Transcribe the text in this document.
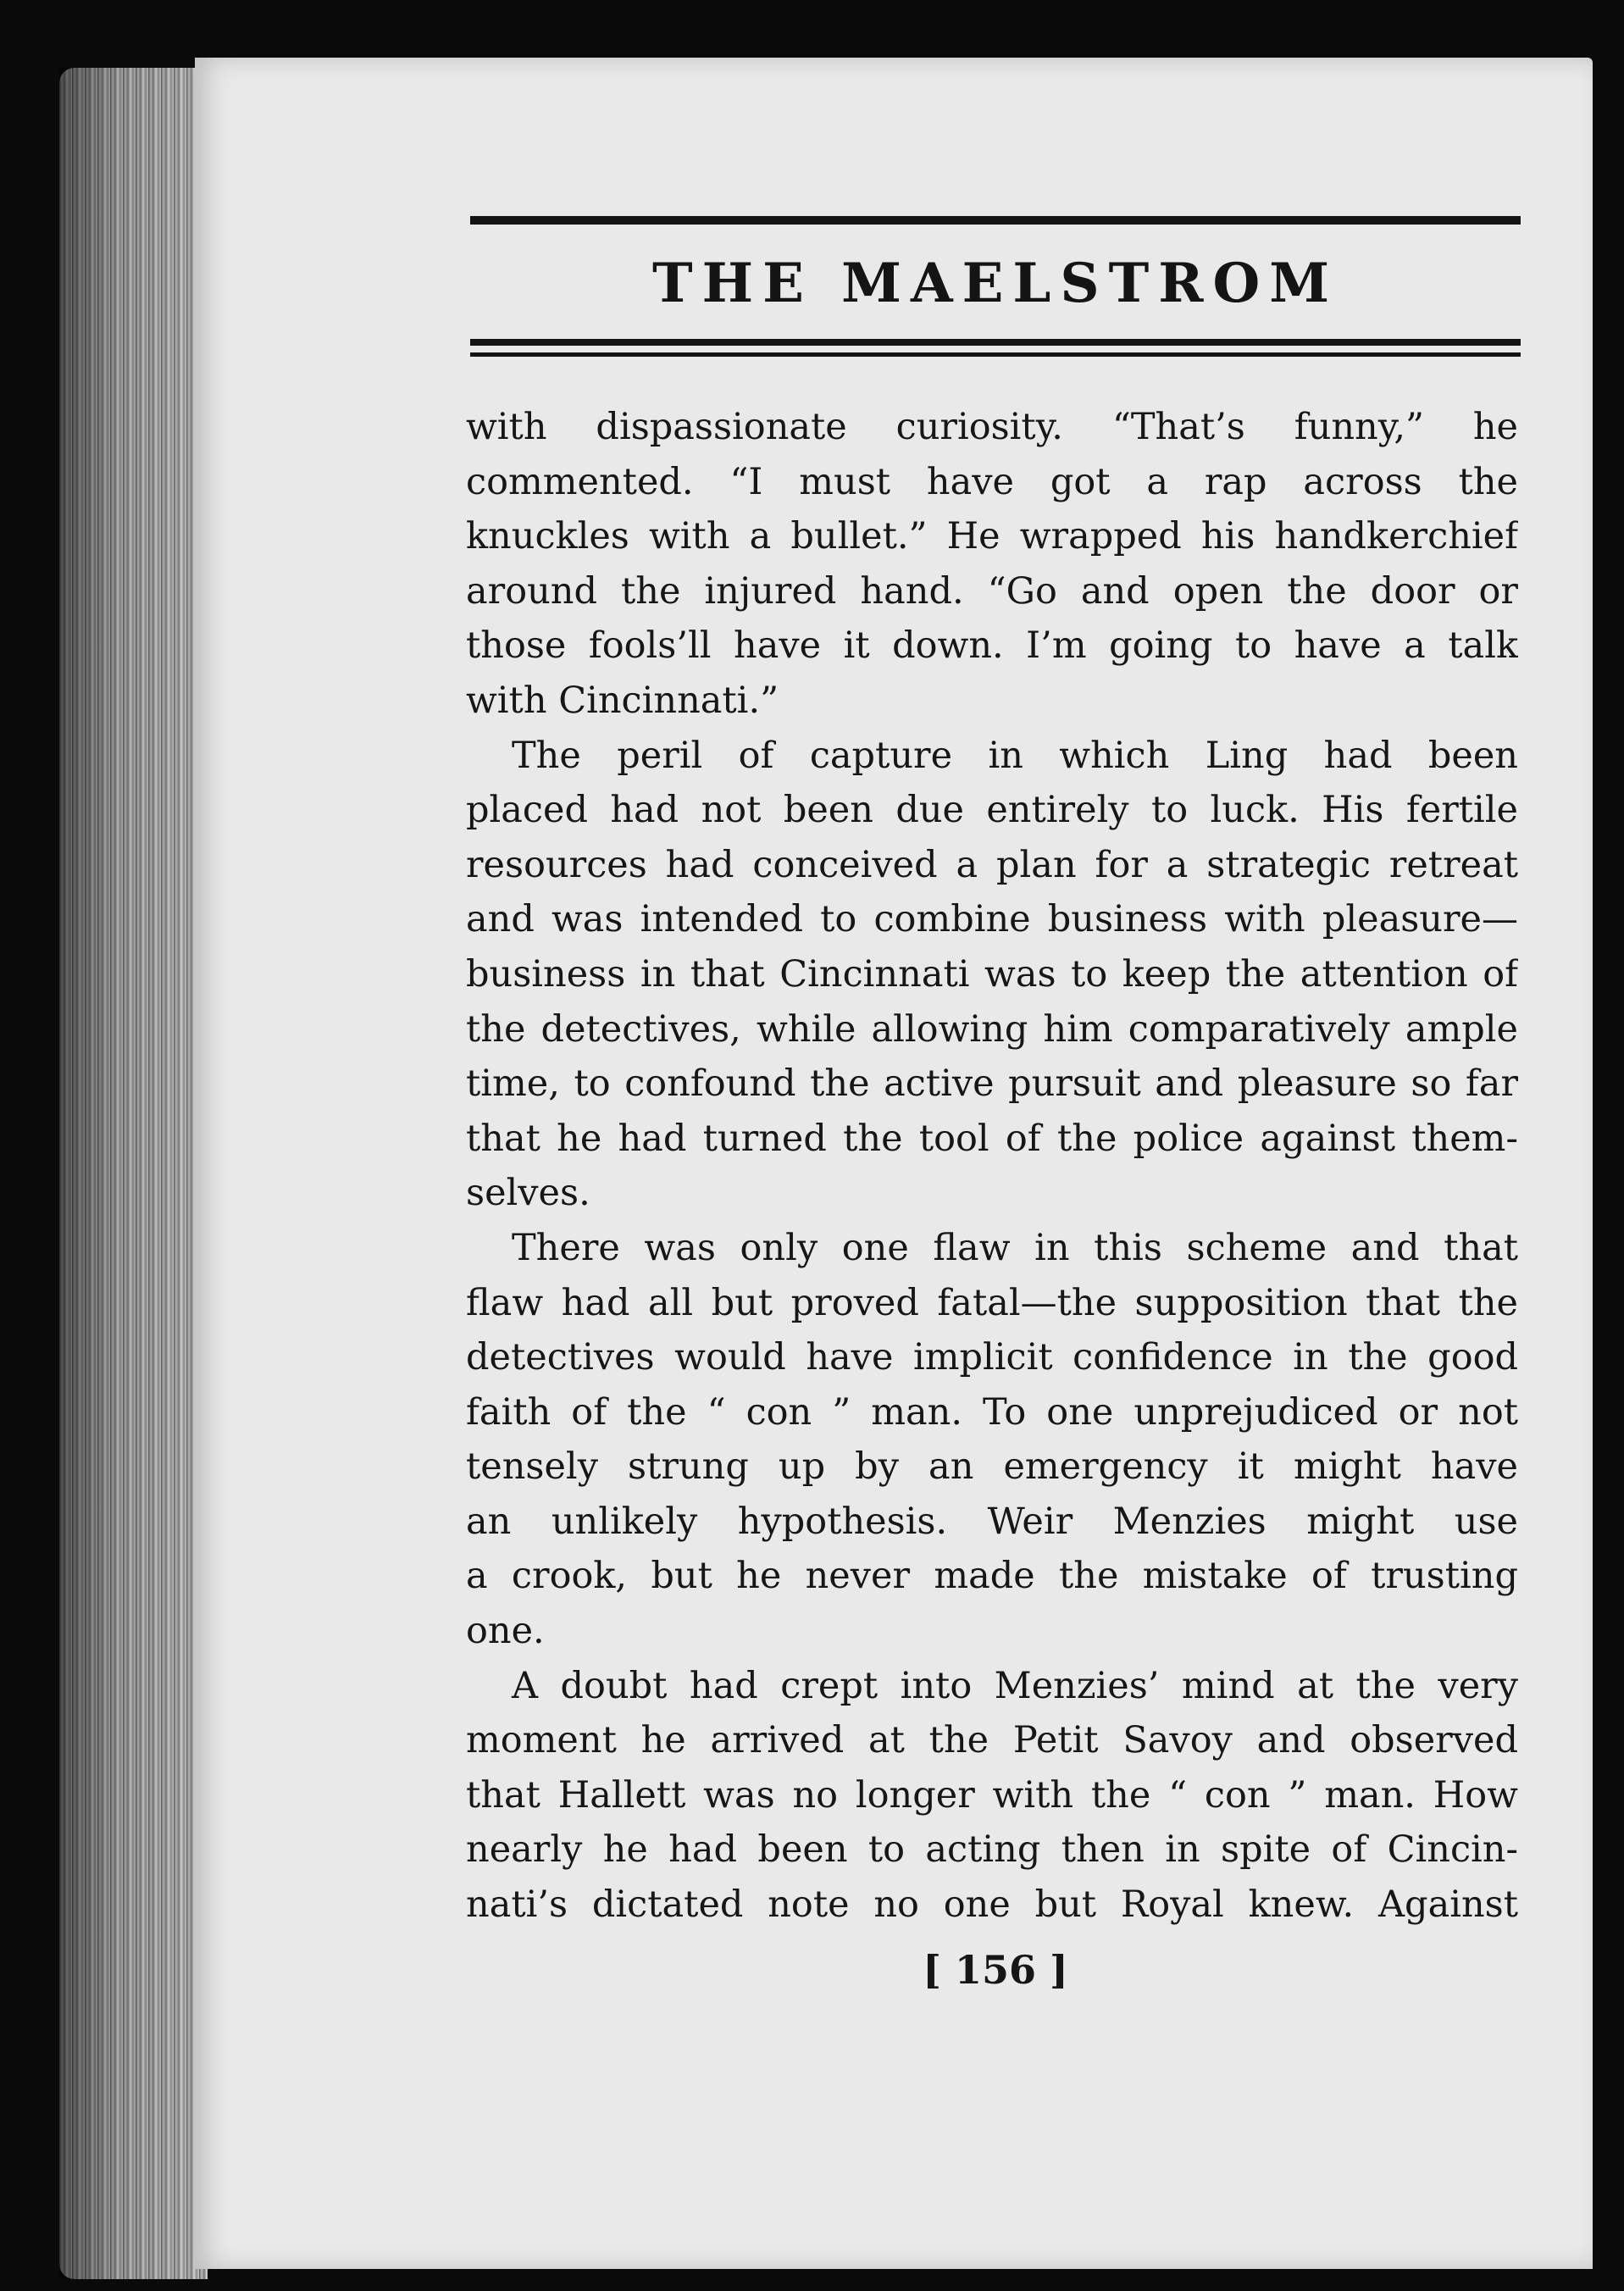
THE MAELSTROM
with dispassionate curiosity. “That’s funny,” he
commented. “I must have got a rap across the
knuckles with a bullet.” He wrapped his handkerchief
around the injured hand. “Go and open the door or
those fools’ll have it down. I’m going to have a talk
with Cincinnati.”
The peril of capture in which Ling had been
placed had not been due entirely to luck. His fertile
resources had conceived a plan for a strategic retreat
and was intended to combine business with pleasure—
business in that Cincinnati was to keep the attention of
the detectives, while allowing him comparatively ample
time, to confound the active pursuit and pleasure so far
that he had turned the tool of the police against them-
selves.
There was only one flaw in this scheme and that
flaw had all but proved fatal—the supposition that the
detectives would have implicit confidence in the good
faith of the “ con ” man. To one unprejudiced or not
tensely strung up by an emergency it might have
an unlikely hypothesis. Weir Menzies might use
a crook, but he never made the mistake of trusting
one.
A doubt had crept into Menzies’ mind at the very
moment he arrived at the Petit Savoy and observed
that Hallett was no longer with the “ con ” man. How
nearly he had been to acting then in spite of Cincin-
nati’s dictated note no one but Royal knew. Against
[ 156 ]
